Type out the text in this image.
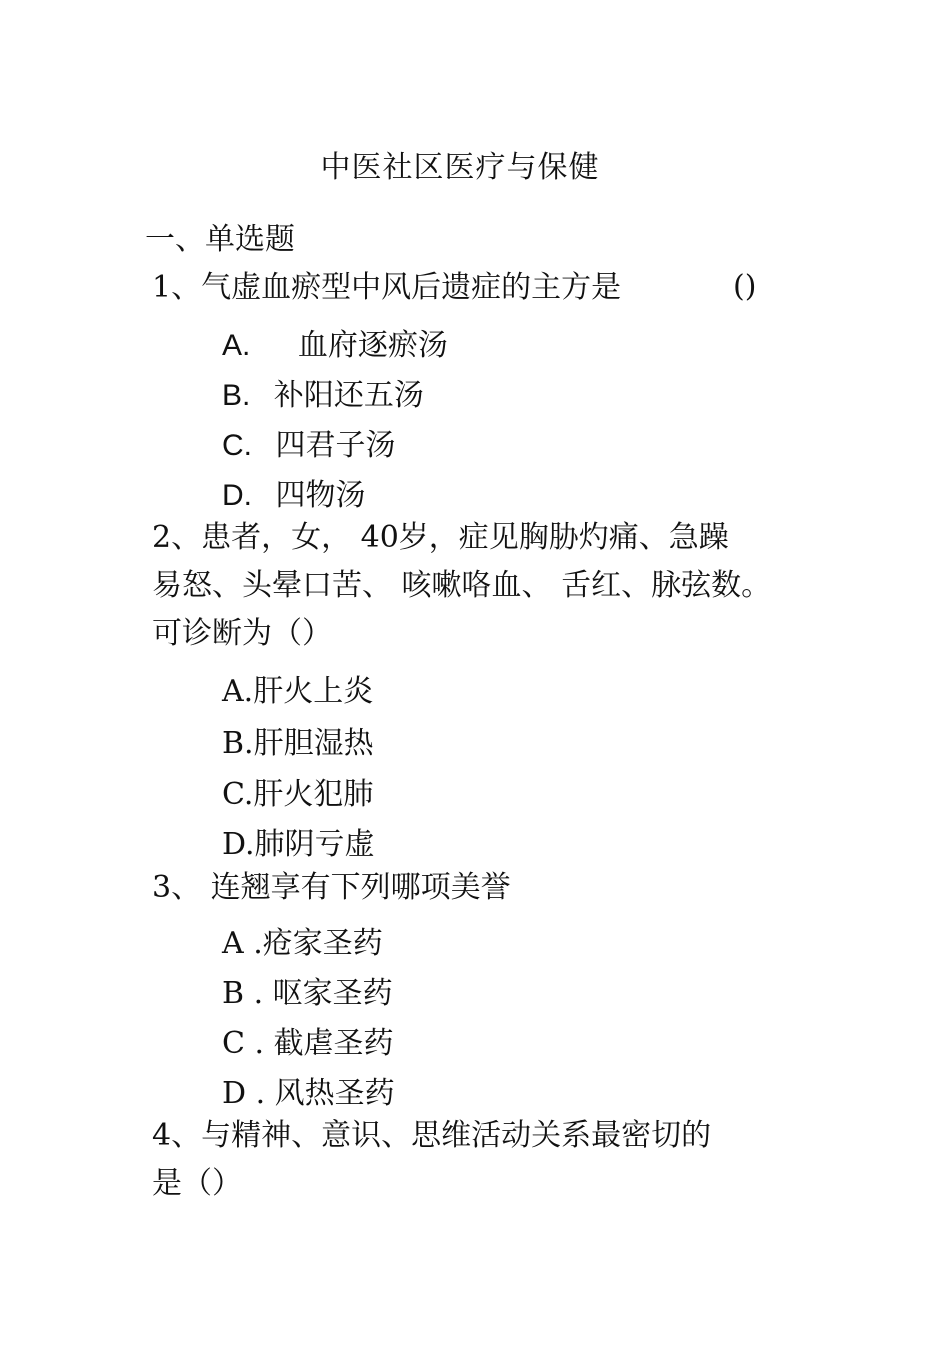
中医社区医疗与保健
一、单选题
1、气虚血瘀型中风后遗症的主方是	()
A. 血府逐瘀汤
B. 补阳还五汤
C. 四君子汤
D. 四物汤
2、患者，女， 40岁，症见胸胁灼痛、急躁
易怒、头晕口苦、 咳嗽咯血、 舌红、脉弦数。
可诊断为（）
A.肝火上炎
B.肝胆湿热
C.肝火犯肺
D.肺阴亏虚
3、 连翘享有下列哪项美誉
A .疮家圣药
B . 呕家圣药
C . 截虐圣药
D . 风热圣药
4、与精神、意识、思维活动关系最密切的
是（）
